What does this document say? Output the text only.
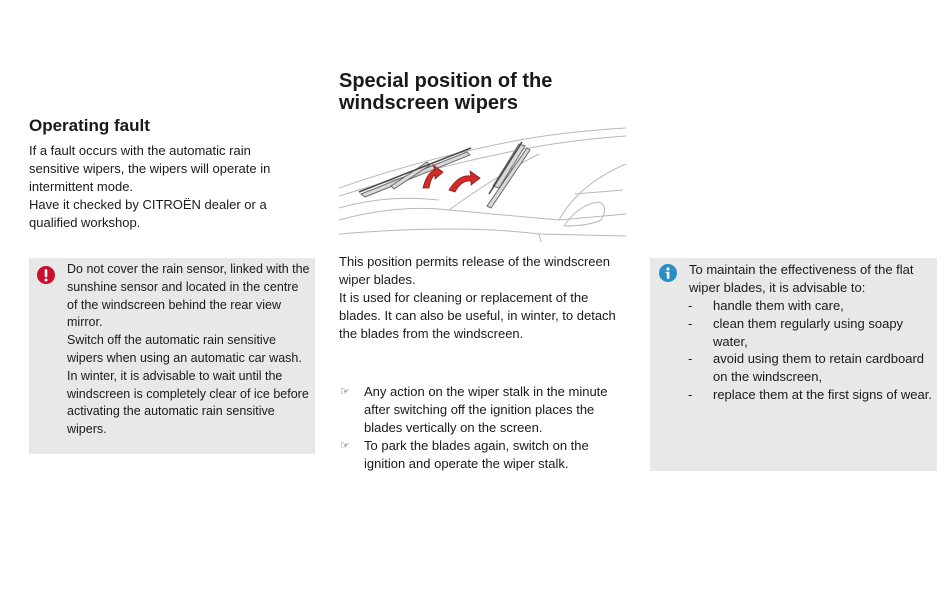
Operating fault

If a fault occurs with the automatic rain sensitive wipers, the wipers will operate in intermittent mode.

Have it checked by CITROËN dealer or a qualified workshop.

Do not cover the rain sensor, linked with the sunshine sensor and located in the centre of the windscreen behind the rear view mirror.
Switch off the automatic rain sensitive wipers when using an automatic car wash.
In winter, it is advisable to wait until the windscreen is completely clear of ice before activating the automatic rain sensitive wipers.
Special position of the windscreen wipers

This position permits release of the windscreen wiper blades.

It is used for cleaning or replacement of the blades. It can also be useful, in winter, to detach the blades from the windscreen.

☞ Any action on the wiper stalk in the minute after switching off the ignition places the blades vertically on the screen.
☞ To park the blades again, switch on the ignition and operate the wiper stalk.
To maintain the effectiveness of the flat wiper blades, it is advisable to:
- handle them with care,
- clean them regularly using soapy water,
- avoid using them to retain cardboard on the windscreen,
- replace them at the first signs of wear.
